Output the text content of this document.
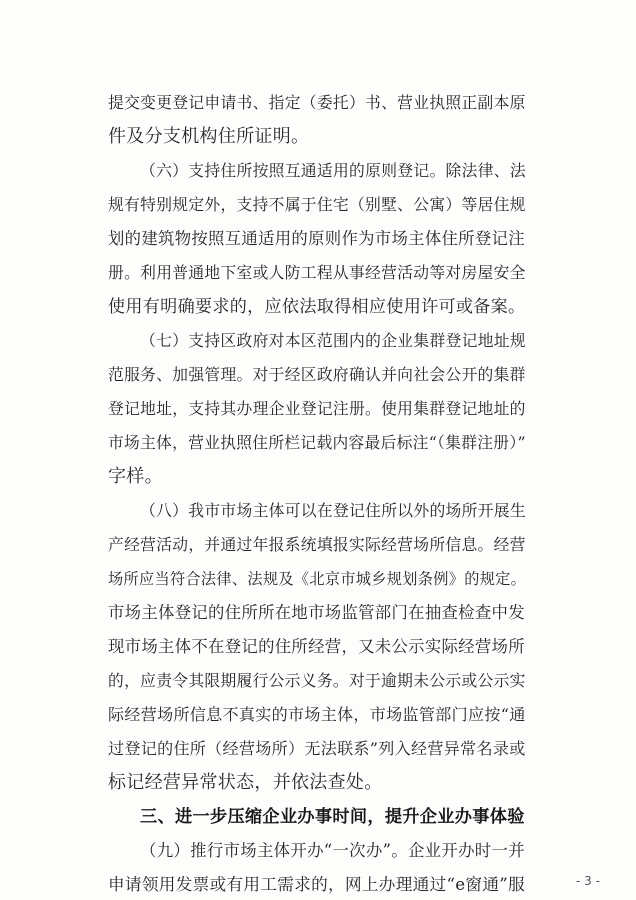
提交变更登记申请书、指定（委托）书、营业执照正副本原
件及分支机构住所证明。
（六）支持住所按照互通适用的原则登记。除法律、法
规有特别规定外，支持不属于住宅（别墅、公寓）等居住规
划的建筑物按照互通适用的原则作为市场主体住所登记注
册。利用普通地下室或人防工程从事经营活动等对房屋安全
使用有明确要求的，应依法取得相应使用许可或备案。
（七）支持区政府对本区范围内的企业集群登记地址规
范服务、加强管理。对于经区政府确认并向社会公开的集群
登记地址，支持其办理企业登记注册。使用集群登记地址的
市场主体，营业执照住所栏记载内容最后标注“（集群注册）”
字样。
（八）我市市场主体可以在登记住所以外的场所开展生
产经营活动，并通过年报系统填报实际经营场所信息。经营
场所应当符合法律、法规及《北京市城乡规划条例》的规定。
市场主体登记的住所所在地市场监管部门在抽查检查中发
现市场主体不在登记的住所经营，又未公示实际经营场所
的，应责令其限期履行公示义务。对于逾期未公示或公示实
际经营场所信息不真实的市场主体，市场监管部门应按“通
过登记的住所（经营场所）无法联系”列入经营异常名录或
标记经营异常状态，并依法查处。
三、进一步压缩企业办事时间，提升企业办事体验
（九）推行市场主体开办“一次办”。企业开办时一并
申请领用发票或有用工需求的，网上办理通过“e窗通”服	- 3 -
